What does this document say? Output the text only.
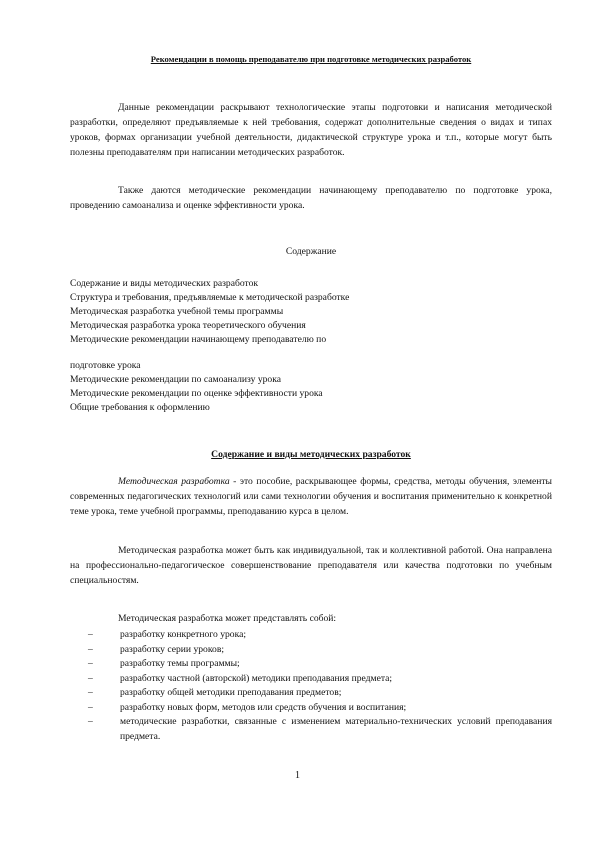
Рекомендации в помощь преподавателю при подготовке методических разработок

Данные рекомендации раскрывают технологические этапы подготовки и написания методической разработки, определяют предъявляемые к ней требования, содержат дополнительные сведения о видах и типах уроков, формах организации учебной деятельности, дидактической структуре урока и т.п., которые могут быть полезны преподавателям при написании методических разработок.

Также даются методические рекомендации начинающему преподавателю по подготовке урока, проведению самоанализа и оценке эффективности урока.

Содержание
Содержание и виды методических разработок
Структура и требования, предъявляемые к методической разработке
Методическая разработка учебной темы программы
Методическая разработка урока теоретического обучения
Методические рекомендации начинающему преподавателю по
подготовке урока
Методические рекомендации по самоанализу урока
Методические рекомендации по оценке эффективности урока
Общие требования к оформлению
Содержание и виды методических разработок

Методическая разработка - это пособие, раскрывающее формы, средства, методы обучения, элементы современных педагогических технологий или сами технологии обучения и воспитания применительно к конкретной теме урока, теме учебной программы, преподаванию курса в целом.

Методическая разработка может быть как индивидуальной, так и коллективной работой. Она направлена на профессионально-педагогическое совершенствование преподавателя или качества подготовки по учебным специальностям.

Методическая разработка может представлять собой:
–	разработку конкретного урока;
–	разработку серии уроков;
–	разработку темы программы;
–	разработку частной (авторской) методики преподавания предмета;
–	разработку общей методики преподавания предметов;
–	разработку новых форм, методов или средств обучения и воспитания;
–	методические разработки, связанные с изменением материально-технических условий преподавания предмета.
1
